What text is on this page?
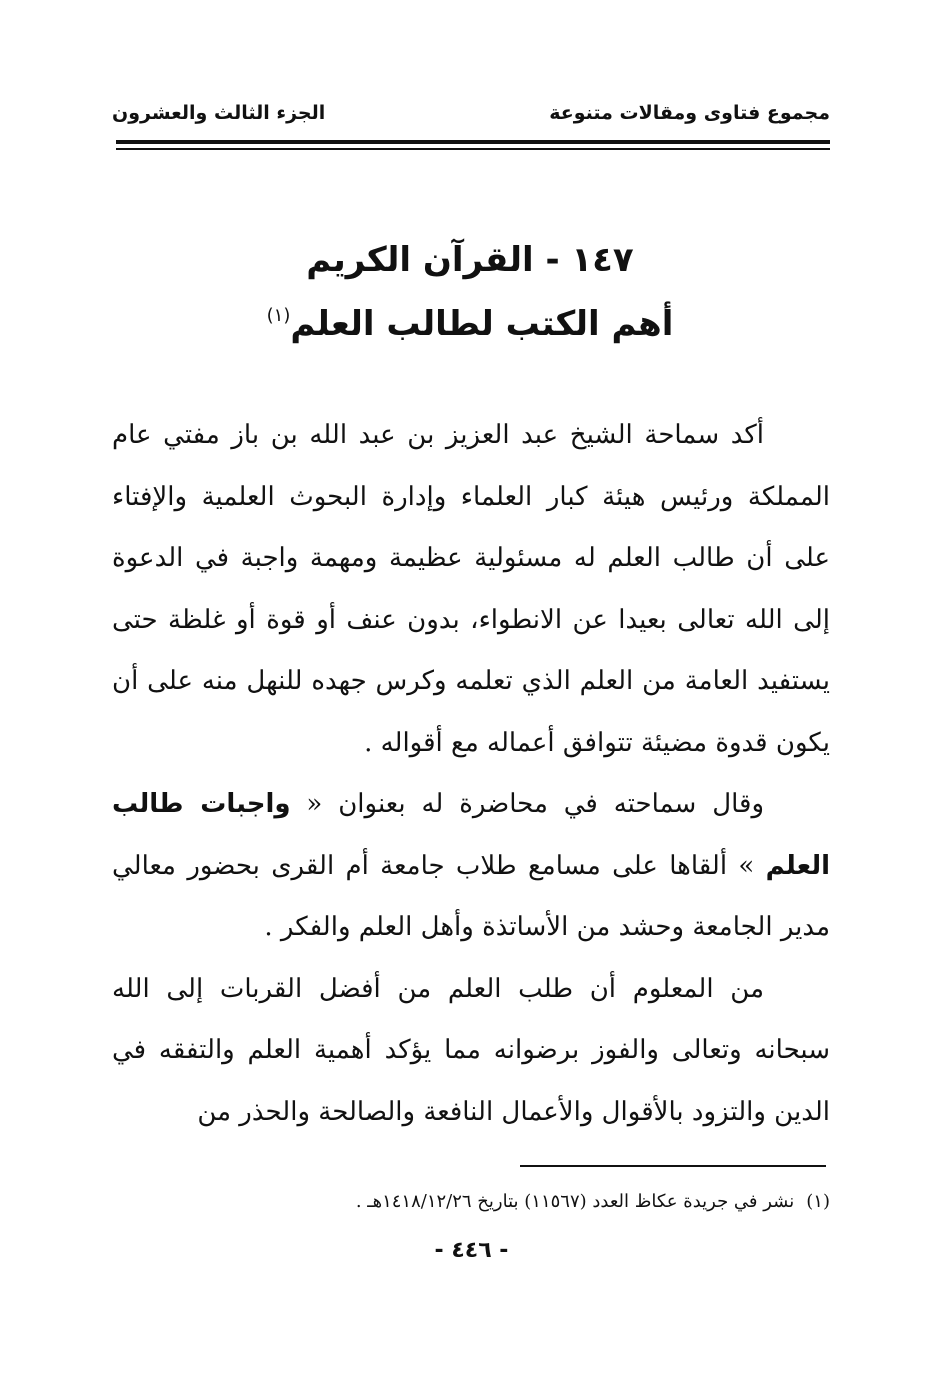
مجموع فتاوى ومقالات متنوعة
الجزء الثالث والعشرون
١٤٧ - القرآن الكريم
أهم الكتب لطالب العلم$^{(١)}$

أكد سماحة الشيخ عبد العزيز بن عبد الله بن باز مفتي عام المملكة ورئيس هيئة كبار العلماء وإدارة البحوث العلمية والإفتاء على أن طالب العلم له مسئولية عظيمة ومهمة واجبة في الدعوة إلى الله تعالى بعيدا عن الانطواء، بدون عنف أو قوة أو غلظة حتى يستفيد العامة من العلم الذي تعلمه وكرس جهده للنهل منه على أن يكون قدوة مضيئة تتوافق أعماله مع أقواله .

وقال سماحته في محاضرة له بعنوان « واجبات طالب العلم » ألقاها على مسامع طلاب جامعة أم القرى بحضور معالي مدير الجامعة وحشد من الأساتذة وأهل العلم والفكر .

من المعلوم أن طلب العلم من أفضل القربات إلى الله سبحانه وتعالى والفوز برضوانه مما يؤكد أهمية العلم والتفقه في الدين والتزود بالأقوال والأعمال النافعة والصالحة والحذر من

(١)نشر في جريدة عكاظ العدد (١١٥٦٧) بتاريخ ١٤١٨/١٢/٢٦هـ .
- ٤٤٦ -
